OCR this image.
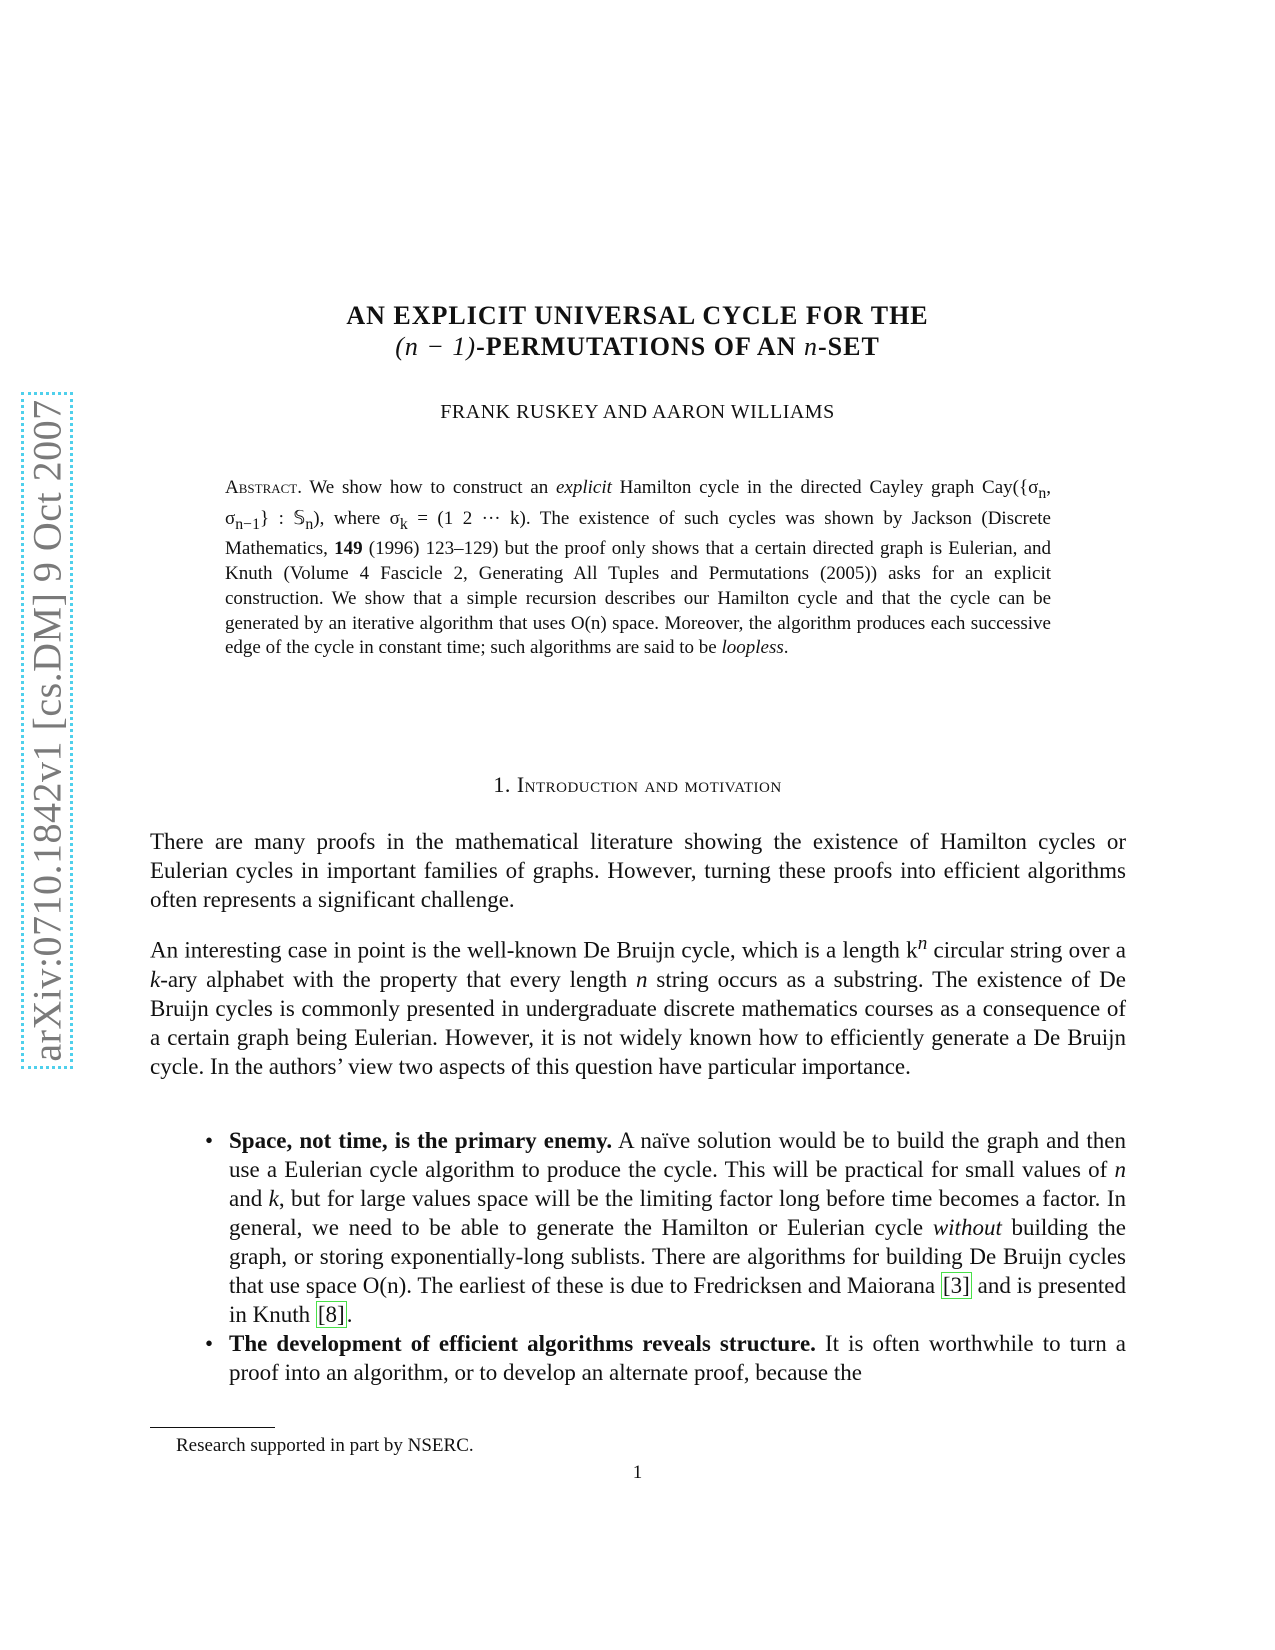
arXiv:0710.1842v1 [cs.DM] 9 Oct 2007
AN EXPLICIT UNIVERSAL CYCLE FOR THE
(n − 1)-PERMUTATIONS OF AN n-SET
FRANK RUSKEY AND AARON WILLIAMS
Abstract. We show how to construct an explicit Hamilton cycle in the directed Cayley graph $Cay(\{\sigma_n$, $\sigma_{n-1}$} : 𝕊$_n$), where $\sigma_k = (1$ 2 ··· k). The existence of such cycles was shown by Jackson (Discrete Mathematics, 149 (1996) 123–129) but the proof only shows that a certain directed graph is Eulerian, and Knuth (Volume 4 Fascicle 2, Generating All Tuples and Permutations (2005)) asks for an explicit construction. We show that a simple recursion describes our Hamilton cycle and that the cycle can be generated by an iterative algorithm that uses O(n) space. Moreover, the algorithm produces each successive edge of the cycle in constant time; such algorithms are said to be loopless.
1. Introduction and motivation
There are many proofs in the mathematical literature showing the existence of Hamilton cycles or Eulerian cycles in important families of graphs. However, turning these proofs into efficient algorithms often represents a significant challenge.
An interesting case in point is the well-known De Bruijn cycle, which is a length $k^n$ circular string over a k-ary alphabet with the property that every length n string occurs as a substring. The existence of De Bruijn cycles is commonly presented in undergraduate discrete mathematics courses as a consequence of a certain graph being Eulerian. However, it is not widely known how to efficiently generate a De Bruijn cycle. In the authors’ view two aspects of this question have particular importance.
• Space, not time, is the primary enemy. A naïve solution would be to build the graph and then use a Eulerian cycle algorithm to produce the cycle. This will be practical for small values of n and k, but for large values space will be the limiting factor long before time becomes a factor. In general, we need to be able to generate the Hamilton or Eulerian cycle without building the graph, or storing exponentially-long sublists. There are algorithms for building De Bruijn cycles that use space O(n). The earliest of these is due to Fredricksen and Maiorana [3] and is presented in Knuth [8].
• The development of efficient algorithms reveals structure. It is often worthwhile to turn a proof into an algorithm, or to develop an alternate proof, because the
Research supported in part by NSERC.
1
